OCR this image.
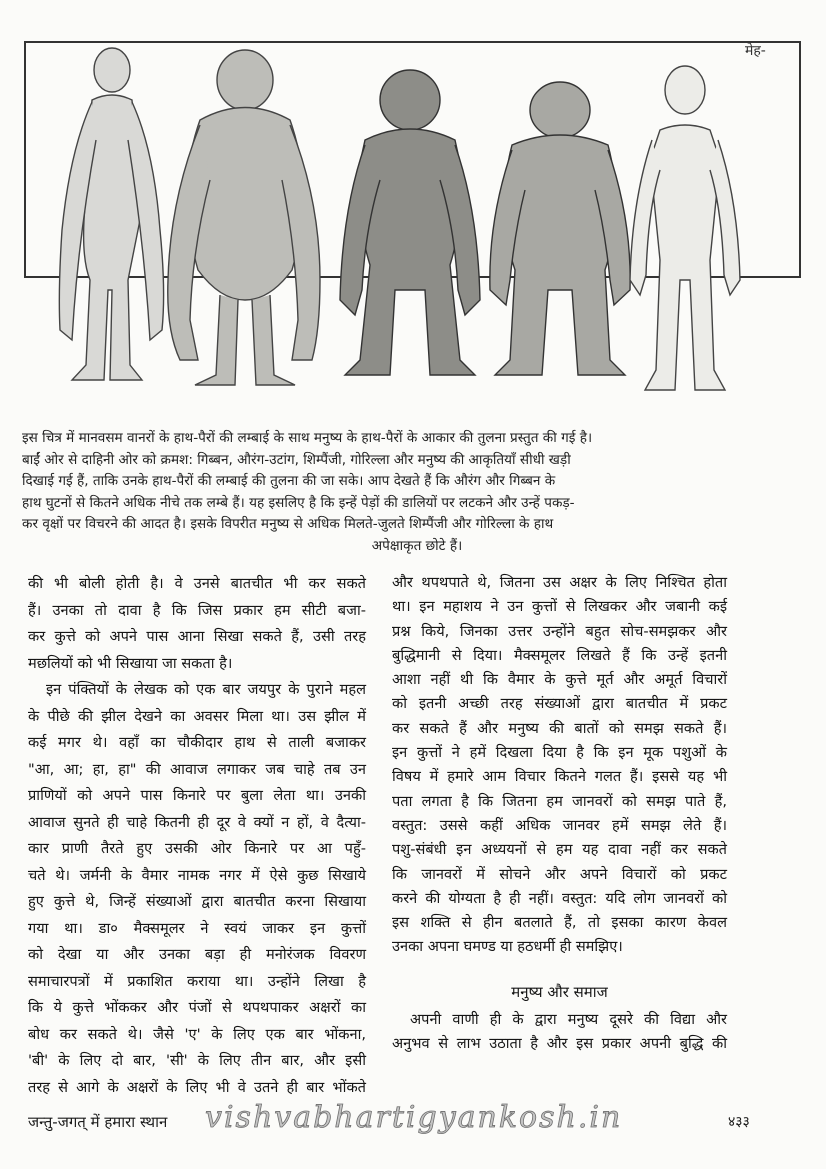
मेह-
इस चित्र में मानवसम वानरों के हाथ-पैरों की लम्बाई के साथ मनुष्य के हाथ-पैरों के आकार की तुलना प्रस्तुत की गई है।
बाईं ओर से दाहिनी ओर को क्रमश: गिब्बन, औरंग-उटांग, शिम्पैंजी, गोरिल्ला और मनुष्य की आकृतियाँ सीधी खड़ी
दिखाई गई हैं, ताकि उनके हाथ-पैरों की लम्बाई की तुलना की जा सके। आप देखते हैं कि औरंग और गिब्बन के
हाथ घुटनों से कितने अधिक नीचे तक लम्बे हैं। यह इसलिए है कि इन्हें पेड़ों की डालियों पर लटकने और उन्हें पकड़-
कर वृक्षों पर विचरने की आदत है। इसके विपरीत मनुष्य से अधिक मिलते-जुलते शिम्पैंजी और गोरिल्ला के हाथ
अपेक्षाकृत छोटे हैं।
की भी बोली होती है। वे उनसे बातचीत भी कर सकते
हैं। उनका तो दावा है कि जिस प्रकार हम सीटी बजा-
कर कुत्ते को अपने पास आना सिखा सकते हैं, उसी तरह
मछलियों को भी सिखाया जा सकता है।
इन पंक्तियों के लेखक को एक बार जयपुर के पुराने महल
के पीछे की झील देखने का अवसर मिला था। उस झील में
कई मगर थे। वहाँ का चौकीदार हाथ से ताली बजाकर
"आ, आ; हा, हा" की आवाज लगाकर जब चाहे तब उन
प्राणियों को अपने पास किनारे पर बुला लेता था। उनकी
आवाज सुनते ही चाहे कितनी ही दूर वे क्यों न हों, वे दैत्या-
कार प्राणी तैरते हुए उसकी ओर किनारे पर आ पहुँ-
चते थे। जर्मनी के वैमार नामक नगर में ऐसे कुछ सिखाये
हुए कुत्ते थे, जिन्हें संख्याओं द्वारा बातचीत करना सिखाया
गया था। डा० मैक्समूलर ने स्वयं जाकर इन कुत्तों
को देखा या और उनका बड़ा ही मनोरंजक विवरण
समाचारपत्रों में प्रकाशित कराया था। उन्होंने लिखा है
कि ये कुत्ते भोंककर और पंजों से थपथपाकर अक्षरों का
बोध कर सकते थे। जैसे 'ए' के लिए एक बार भोंकना,
'बी' के लिए दो बार, 'सी' के लिए तीन बार, और इसी
तरह से आगे के अक्षरों के लिए भी वे उतने ही बार भोंकते
और थपथपाते थे, जितना उस अक्षर के लिए निश्चित होता
था। इन महाशय ने उन कुत्तों से लिखकर और जबानी कई
प्रश्न किये, जिनका उत्तर उन्होंने बहुत सोच-समझकर और
बुद्धिमानी से दिया। मैक्समूलर लिखते हैं कि उन्हें इतनी
आशा नहीं थी कि वैमार के कुत्ते मूर्त और अमूर्त विचारों
को इतनी अच्छी तरह संख्याओं द्वारा बातचीत में प्रकट
कर सकते हैं और मनुष्य की बातों को समझ सकते हैं।
इन कुत्तों ने हमें दिखला दिया है कि इन मूक पशुओं के
विषय में हमारे आम विचार कितने गलत हैं। इससे यह भी
पता लगता है कि जितना हम जानवरों को समझ पाते हैं,
वस्तुत: उससे कहीं अधिक जानवर हमें समझ लेते हैं।
पशु-संबंधी इन अध्ययनों से हम यह दावा नहीं कर सकते
कि जानवरों में सोचने और अपने विचारों को प्रकट
करने की योग्यता है ही नहीं। वस्तुत: यदि लोग जानवरों को
इस शक्ति से हीन बतलाते हैं, तो इसका कारण केवल
उनका अपना घमण्ड या हठधर्मी ही समझिए।
मनुष्य और समाज
अपनी वाणी ही के द्वारा मनुष्य दूसरे की विद्या और
अनुभव से लाभ उठाता है और इस प्रकार अपनी बुद्धि की
जन्तु-जगत् में हमारा स्थान vishvabhartigyankosh.in	४३३
